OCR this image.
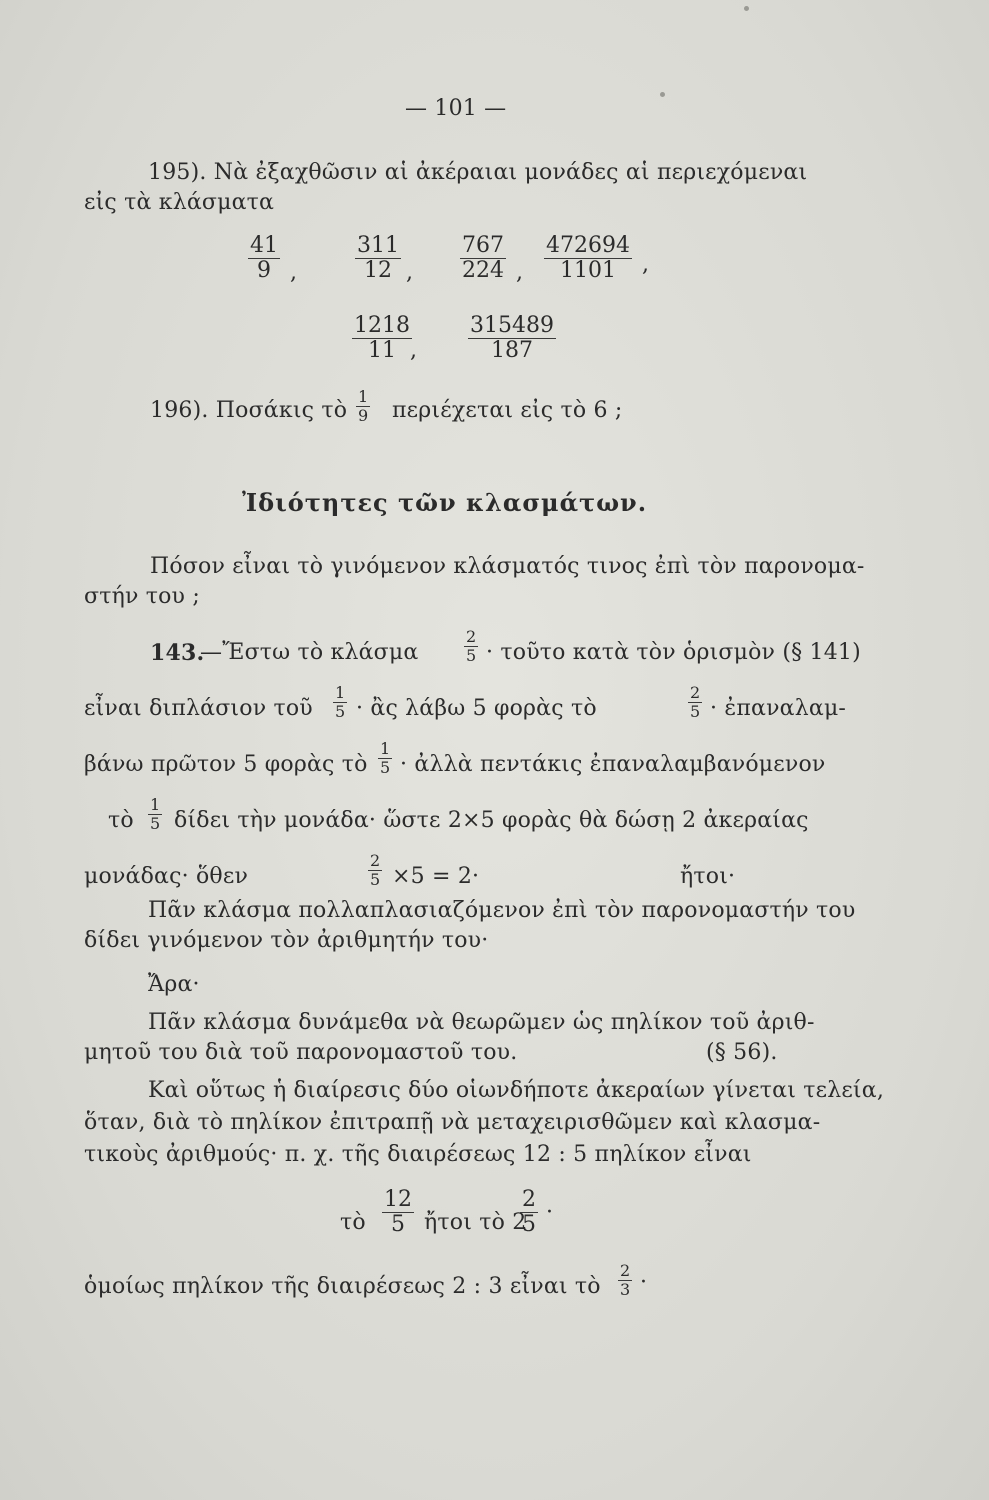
— 101 —
195). Νὰ ἐξαχθῶσιν αἱ ἀκέραιαι μονάδες αἱ περιεχόμεναι
εἰς τὰ κλάσματα
$\frac{41}{9}$ ,	$\frac{311}{12}$ , $\frac{767}{224}$ , $\frac{472694}{1101}$ ,
$\frac{1218}{11}$
, $\frac{315489}{187}$
196). Ποσάκις τὸ $\frac{1}{9}$ περιέχεται εἰς τὸ 6 ;
Ἰδιότητες τῶν κλασμάτων.
Πόσον εἶναι τὸ γινόμενον κλάσματός τινος ἐπὶ τὸν παρονομα-
στήν του ;
143.
—Ἔστω τὸ κλάσμα	$\frac{2}{5}$ · τοῦτο κατὰ τὸν ὁρισμὸν (§ 141)
εἶναι διπλάσιον τοῦ $\frac{1}{5}$ · ἂς λάβω 5 φορὰς τὸ	$\frac{2}{5}$ · ἐπαναλαμ-
βάνω πρῶτον 5 φορὰς τὸ $\frac{1}{5}$ · ἀλλὰ πεντάκις ἐπαναλαμβανόμενον
τὸ $\frac{1}{5}$ δίδει τὴν μονάδα· ὥστε 2×5 φορὰς θὰ δώσῃ 2 ἀκεραίας
μονάδας· ὅθεν	$\frac{2}{5} \times 5 = 2\cdot$	ἤτοι·
Πᾶν κλάσμα πολλαπλασιαζόμενον ἐπὶ τὸν παρονομαστήν του
δίδει γινόμενον τὸν ἀριθμητήν του·
Ἄρα·
Πᾶν κλάσμα δυνάμεθα νὰ θεωρῶμεν ὡς πηλίκον τοῦ ἀριθ-
μητοῦ του διὰ τοῦ παρονομαστοῦ του.	(§ 56).
Καὶ οὕτως ἡ διαίρεσις δύο οἱωνδήποτε ἀκεραίων γίνεται τελεία,
ὅταν, διὰ τὸ πηλίκον ἐπιτραπῇ νὰ μεταχειρισθῶμεν καὶ κλασμα-
τικοὺς ἀριθμούς· π. χ. τῆς διαιρέσεως 12 : 5 πηλίκον εἶναι
τὸ $\frac{12}{5}$ ἤτοι τὸ 2
$\frac{2}{5}$ ·
ὁμοίως πηλίκον τῆς διαιρέσεως 2 : 3 εἶναι τὸ $\frac{2}{3}$ ·
